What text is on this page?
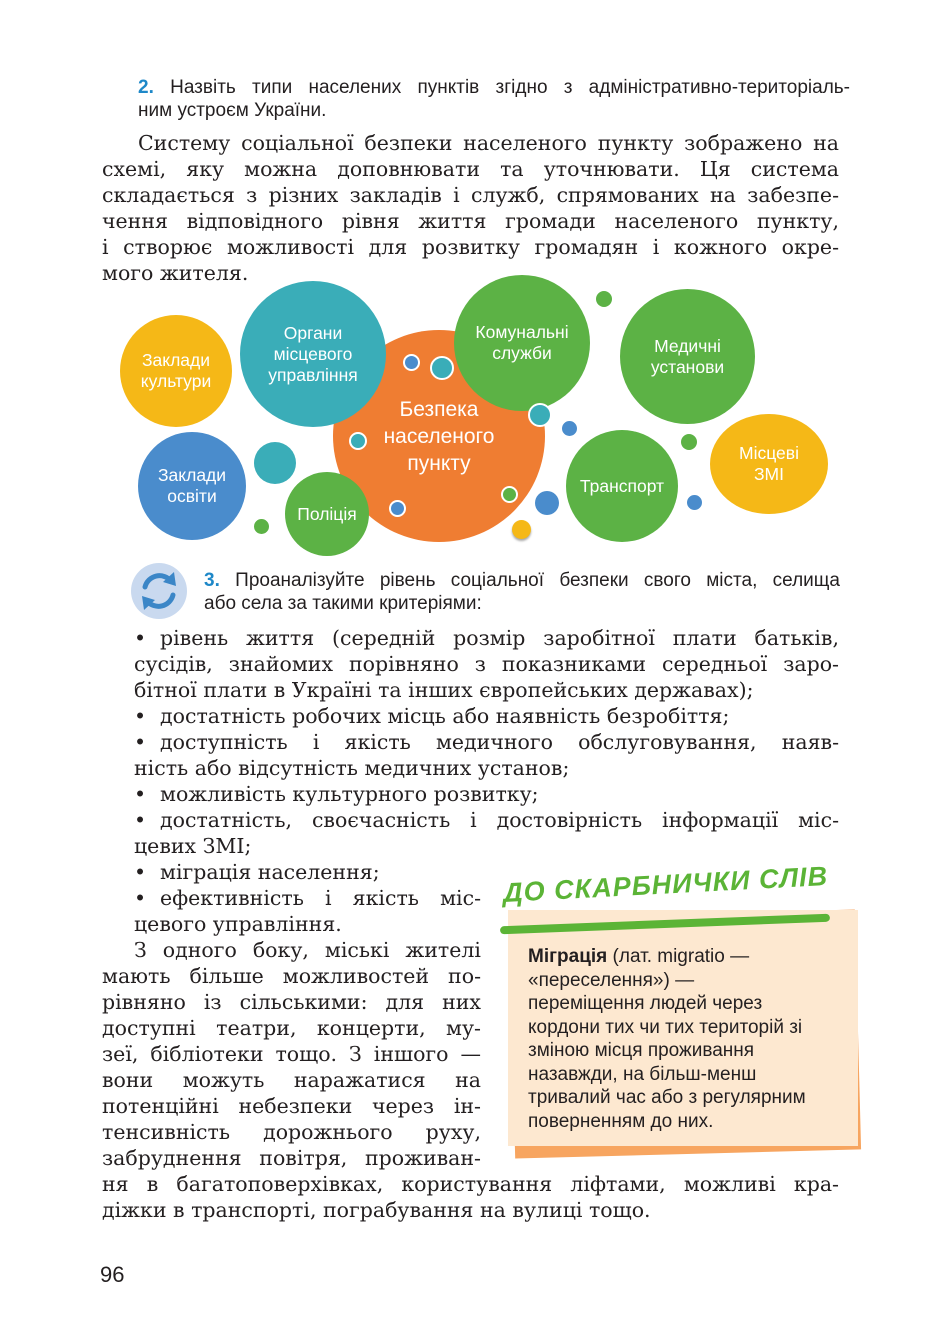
2. Назвіть типи населених пунктів згідно з адміністративно-територіаль-
ним устроєм України.
Систему соціальної безпеки населеного пункту зображено на
схемі, яку можна доповнювати та уточнювати. Ця система
складається з різних закладів і служб, спрямованих на забезпе-
чення відповідного рівня життя громади населеного пункту,
і створює можливості для розвитку громадян і кожного окре-
мого жителя.
Безпека
населеного
пункту
Заклади
культури
Органи
місцевого
управління
Комунальні
служби	Медичні
установи
Заклади
освіти
Поліція
Транспорт
Місцеві
ЗМІ
3. Проаналізуйте рівень соціальної безпеки свого міста, селища
або села за такими критеріями:
• рівень життя (середній розмір заробітної плати батьків,
сусідів, знайомих порівняно з показниками середньої заро-
бітної плати в Україні та інших європейських державах);
• достатність робочих місць або наявність безробіття;
• доступність і якість медичного обслуговування, наяв-
ність або відсутність медичних установ;
• можливість культурного розвитку;
• достатність, своєчасність і достовірність інформації міс-
цевих ЗМІ;
• міграція населення;
• ефективність і якість міс-
цевого управління.
З одного боку, міські жителі
мають більше можливостей по-
рівняно із сільськими: для них
доступні театри, концерти, му-
зеї, бібліотеки тощо. З іншого —
вони можуть наражатися на
потенційні небезпеки через ін-
тенсивність дорожнього руху,
забруднення повітря, проживан-
ня в багатоповерхівках, користування ліфтами, можливі кра-
діжки в транспорті, пограбування на вулиці тощо.
ДО СКАРБНИЧКИ СЛІВ
Міграція (лат. migratio —
«переселення») —
переміщення людей через
кордони тих чи тих територій зі
зміною місця проживання
назавжди, на більш-менш
тривалий час або з регулярним
поверненням до них.
96
